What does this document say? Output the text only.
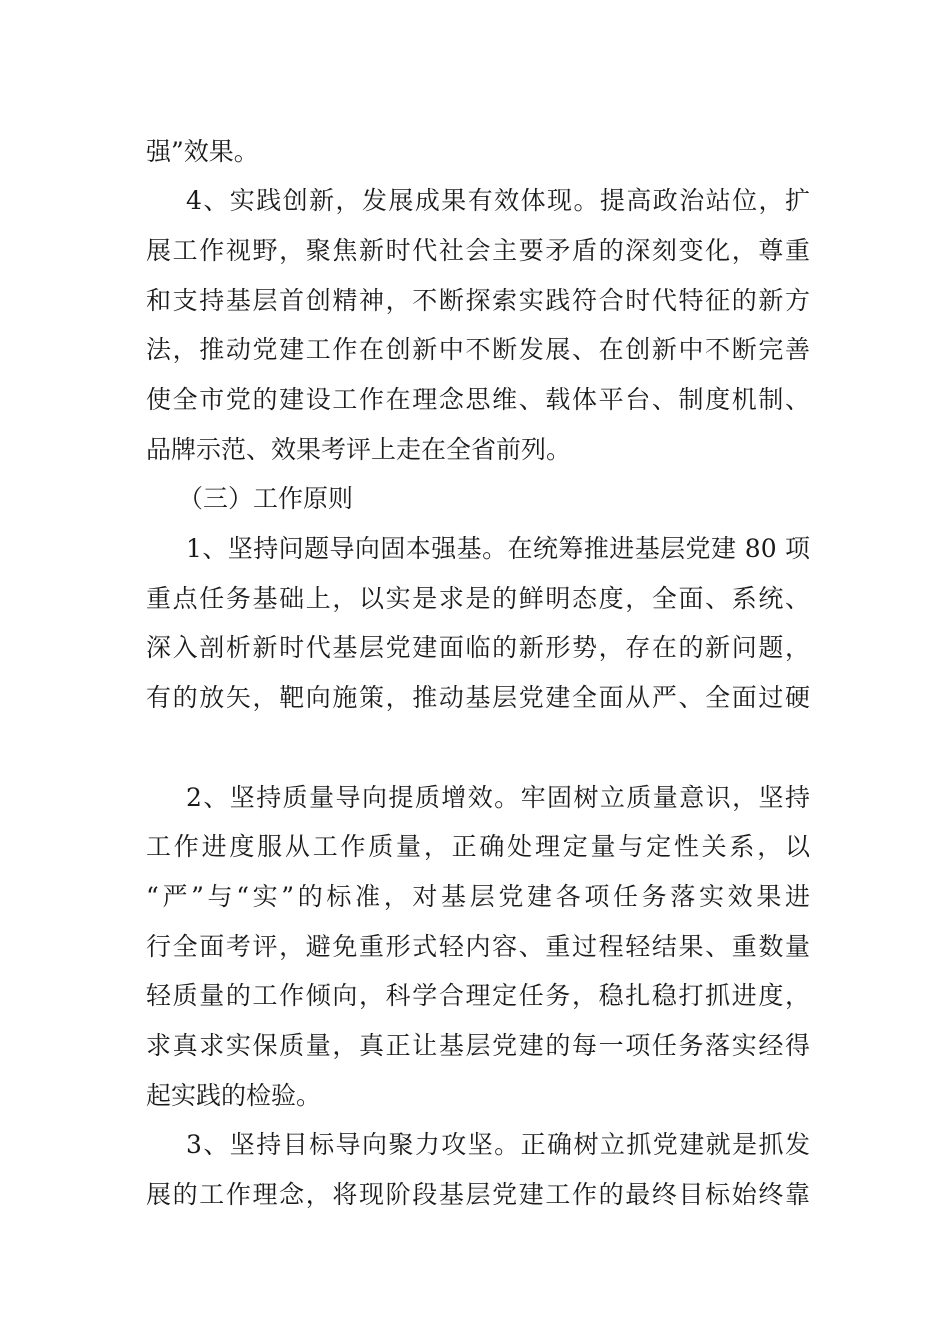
强”效果。
4、实践创新，发展成果有效体现。提高政治站位，扩
展工作视野，聚焦新时代社会主要矛盾的深刻变化，尊重
和支持基层首创精神，不断探索实践符合时代特征的新方
法，推动党建工作在创新中不断发展、在创新中不断完善
使全市党的建设工作在理念思维、载体平台、制度机制、
品牌示范、效果考评上走在全省前列。
（三）工作原则
1、坚持问题导向固本强基。在统筹推进基层党建 80 项
重点任务基础上，以实是求是的鲜明态度，全面、系统、
深入剖析新时代基层党建面临的新形势，存在的新问题，
有的放矢，靶向施策，推动基层党建全面从严、全面过硬
2、坚持质量导向提质增效。牢固树立质量意识，坚持
工作进度服从工作质量，正确处理定量与定性关系，以
“严”与“实”的标准，对基层党建各项任务落实效果进
行全面考评，避免重形式轻内容、重过程轻结果、重数量
轻质量的工作倾向，科学合理定任务，稳扎稳打抓进度，
求真求实保质量，真正让基层党建的每一项任务落实经得
起实践的检验。
3、坚持目标导向聚力攻坚。正确树立抓党建就是抓发
展的工作理念，将现阶段基层党建工作的最终目标始终靠
